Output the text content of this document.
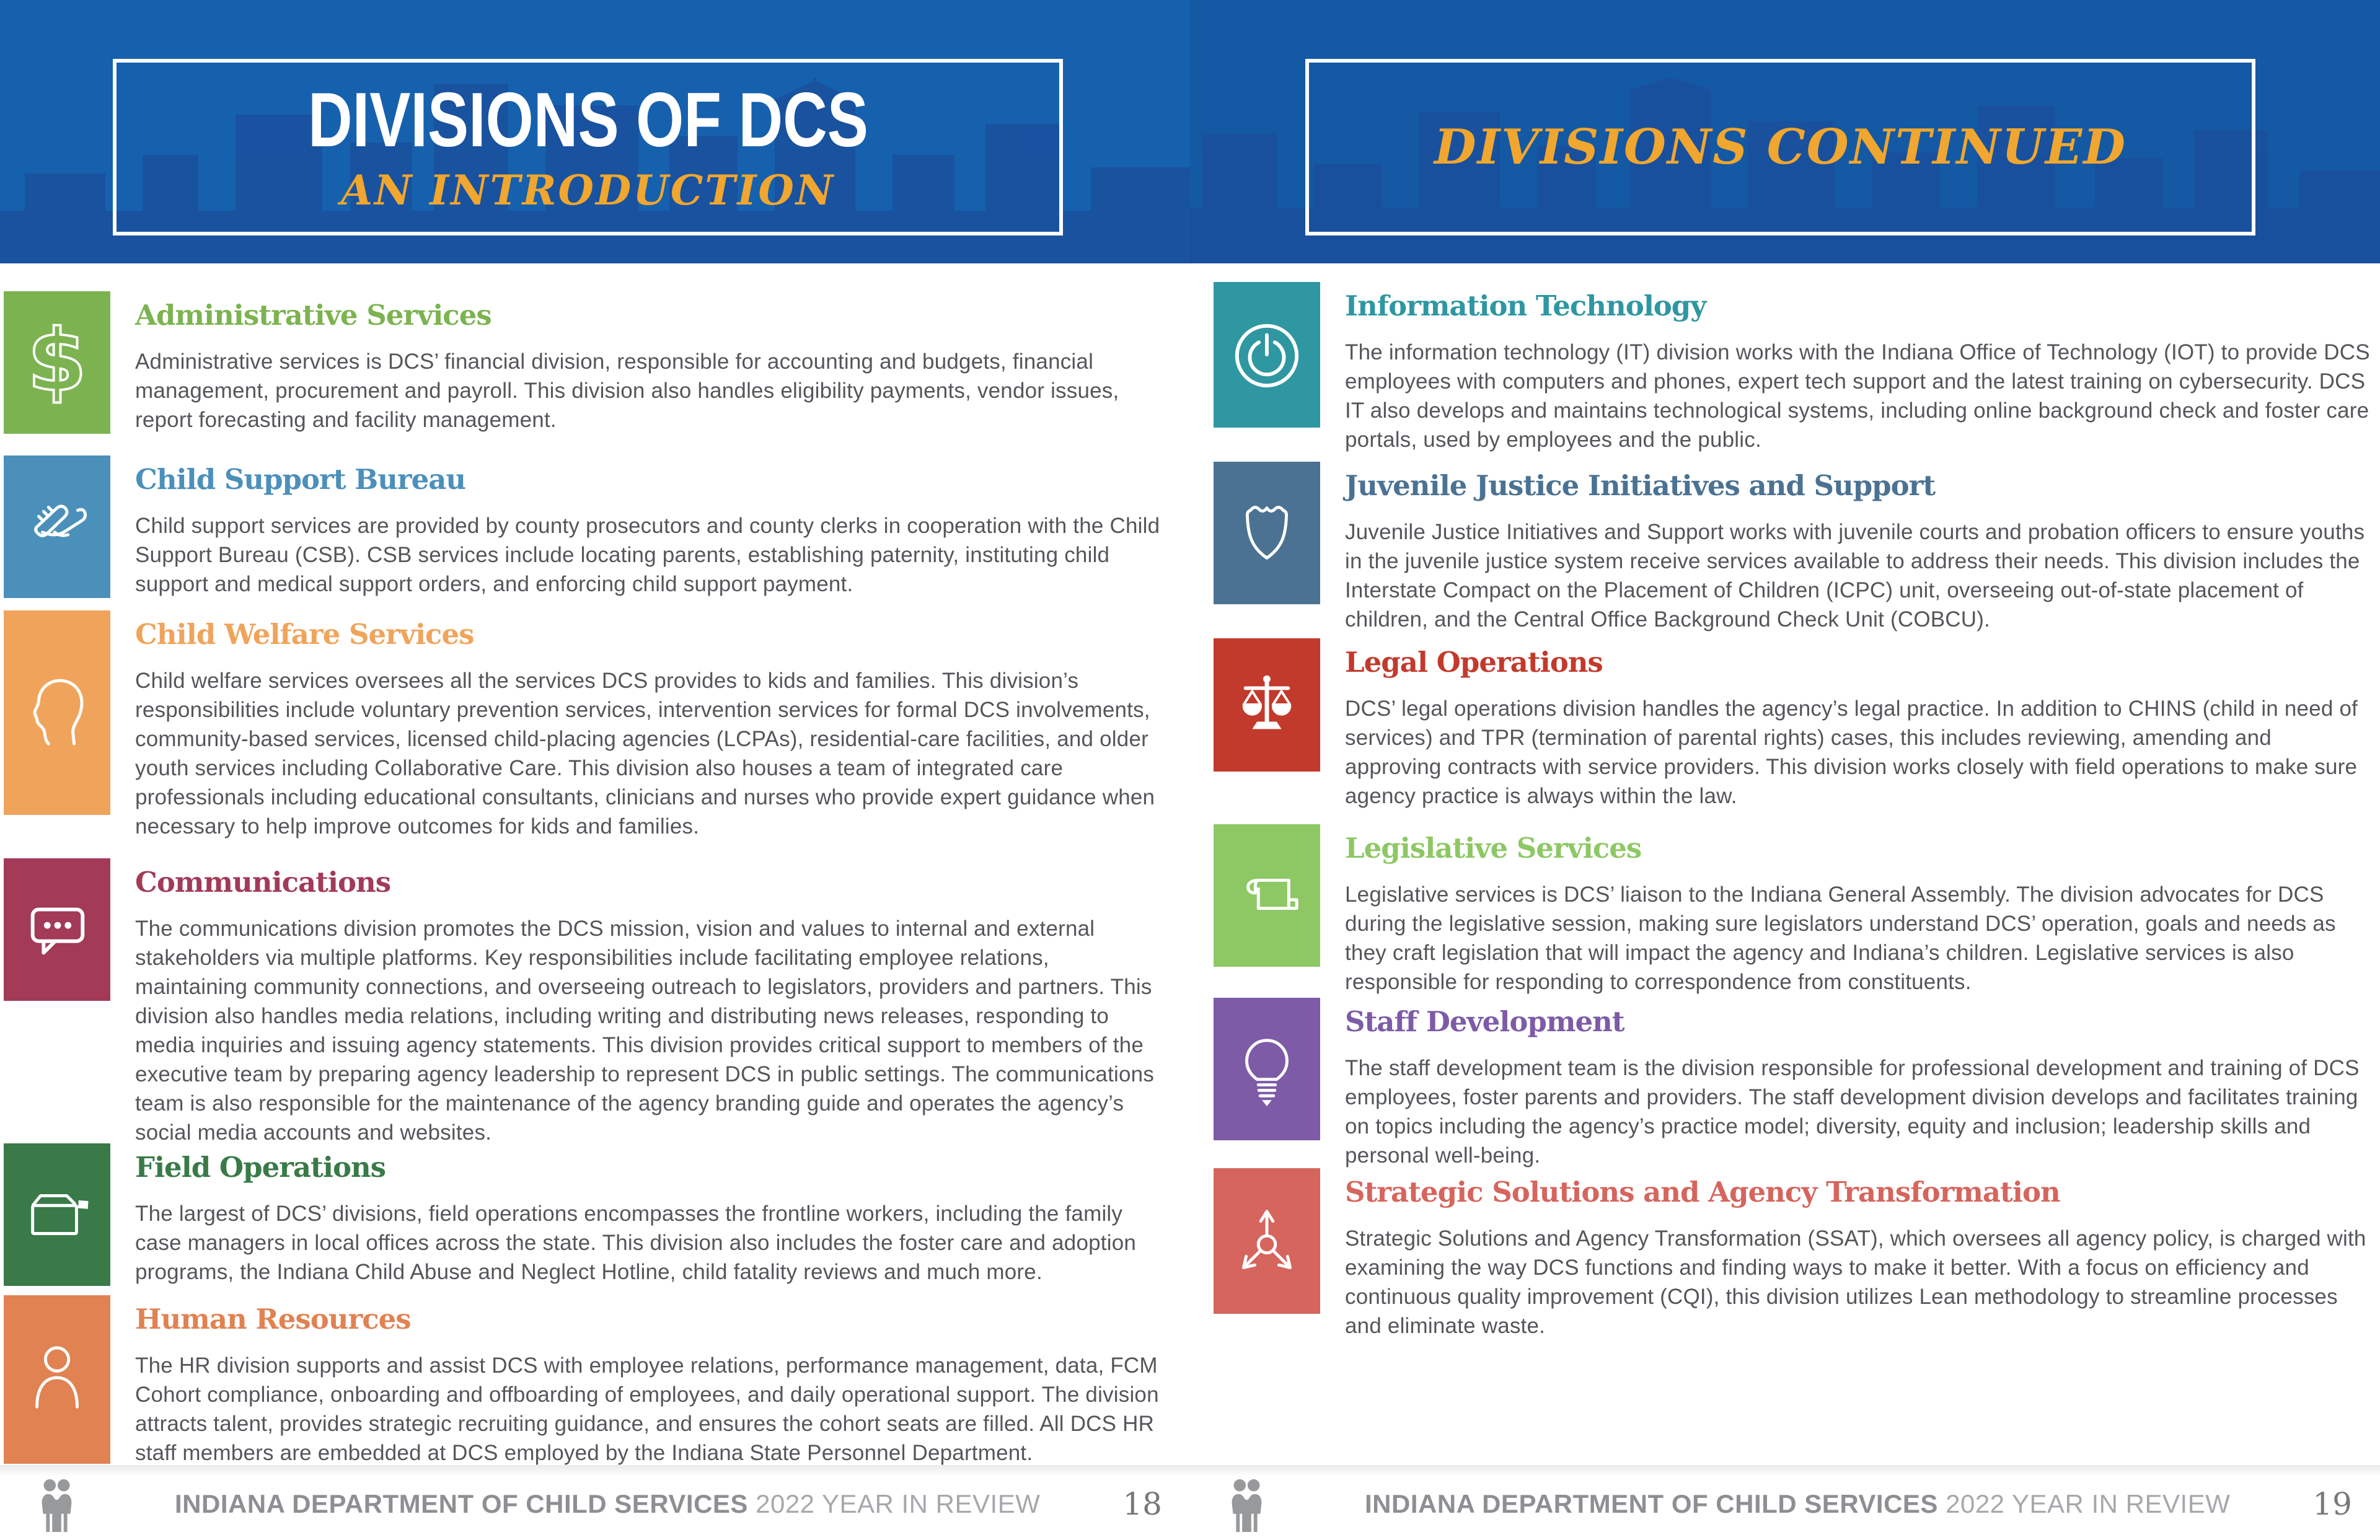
DIVISIONS OF DCS
AN INTRODUCTION
DIVISIONS CONTINUED
$ Administrative Services

Administrative services is DCS’ financial division, responsible for accounting and budgets, financial management, procurement and payroll. This division also handles eligibility payments, vendor issues, report forecasting and facility management.

Child Support Bureau

Child support services are provided by county prosecutors and county clerks in cooperation with the Child Support Bureau (CSB). CSB services include locating parents, establishing paternity, instituting child support and medical support orders, and enforcing child support payment.

Child Welfare Services

Child welfare services oversees all the services DCS provides to kids and families. This division’s responsibilities include voluntary prevention services, intervention services for formal DCS involvements, community-based services, licensed child-placing agencies (LCPAs), residential-care facilities, and older youth services including Collaborative Care. This division also houses a team of integrated care professionals including educational consultants, clinicians and nurses who provide expert guidance when necessary to help improve outcomes for kids and families.

Communications

The communications division promotes the DCS mission, vision and values to internal and external stakeholders via multiple platforms. Key responsibilities include facilitating employee relations, maintaining community connections, and overseeing outreach to legislators, providers and partners. This division also handles media relations, including writing and distributing news releases, responding to media inquiries and issuing agency statements. This division provides critical support to members of the executive team by preparing agency leadership to represent DCS in public settings. The communications team is also responsible for the maintenance of the agency branding guide and operates the agency’s social media accounts and websites.

Field Operations

The largest of DCS’ divisions, field operations encompasses the frontline workers, including the family case managers in local offices across the state. This division also includes the foster care and adoption programs, the Indiana Child Abuse and Neglect Hotline, child fatality reviews and much more.

Human Resources

The HR division supports and assist DCS with employee relations, performance management, data, FCM Cohort compliance, onboarding and offboarding of employees, and daily operational support. The division attracts talent, provides strategic recruiting guidance, and ensures the cohort seats are filled. All DCS HR staff members are embedded at DCS employed by the Indiana State Personnel Department.

Information Technology

The information technology (IT) division works with the Indiana Office of Technology (IOT) to provide DCS employees with computers and phones, expert tech support and the latest training on cybersecurity. DCS IT also develops and maintains technological systems, including online background check and foster care portals, used by employees and the public.

Juvenile Justice Initiatives and Support

Juvenile Justice Initiatives and Support works with juvenile courts and probation officers to ensure youths in the juvenile justice system receive services available to address their needs. This division includes the Interstate Compact on the Placement of Children (ICPC) unit, overseeing out-of-state placement of children, and the Central Office Background Check Unit (COBCU).

Legal Operations

DCS’ legal operations division handles the agency’s legal practice. In addition to CHINS (child in need of services) and TPR (termination of parental rights) cases, this includes reviewing, amending and approving contracts with service providers. This division works closely with field operations to make sure agency practice is always within the law.

Legislative Services

Legislative services is DCS’ liaison to the Indiana General Assembly. The division advocates for DCS during the legislative session, making sure legislators understand DCS’ operation, goals and needs as they craft legislation that will impact the agency and Indiana’s children. Legislative services is also responsible for responding to correspondence from constituents.

Staff Development

The staff development team is the division responsible for professional development and training of DCS employees, foster parents and providers. The staff development division develops and facilitates training on topics including the agency’s practice model; diversity, equity and inclusion; leadership skills and personal well-being.

Strategic Solutions and Agency Transformation

Strategic Solutions and Agency Transformation (SSAT), which oversees all agency policy, is charged with examining the way DCS functions and finding ways to make it better. With a focus on efficiency and continuous quality improvement (CQI), this division utilizes Lean methodology to streamline processes and eliminate waste.

INDIANA DEPARTMENT OF CHILD SERVICES 2022 YEAR IN REVIEW	18	INDIANA DEPARTMENT OF CHILD SERVICES 2022 YEAR IN REVIEW	19
